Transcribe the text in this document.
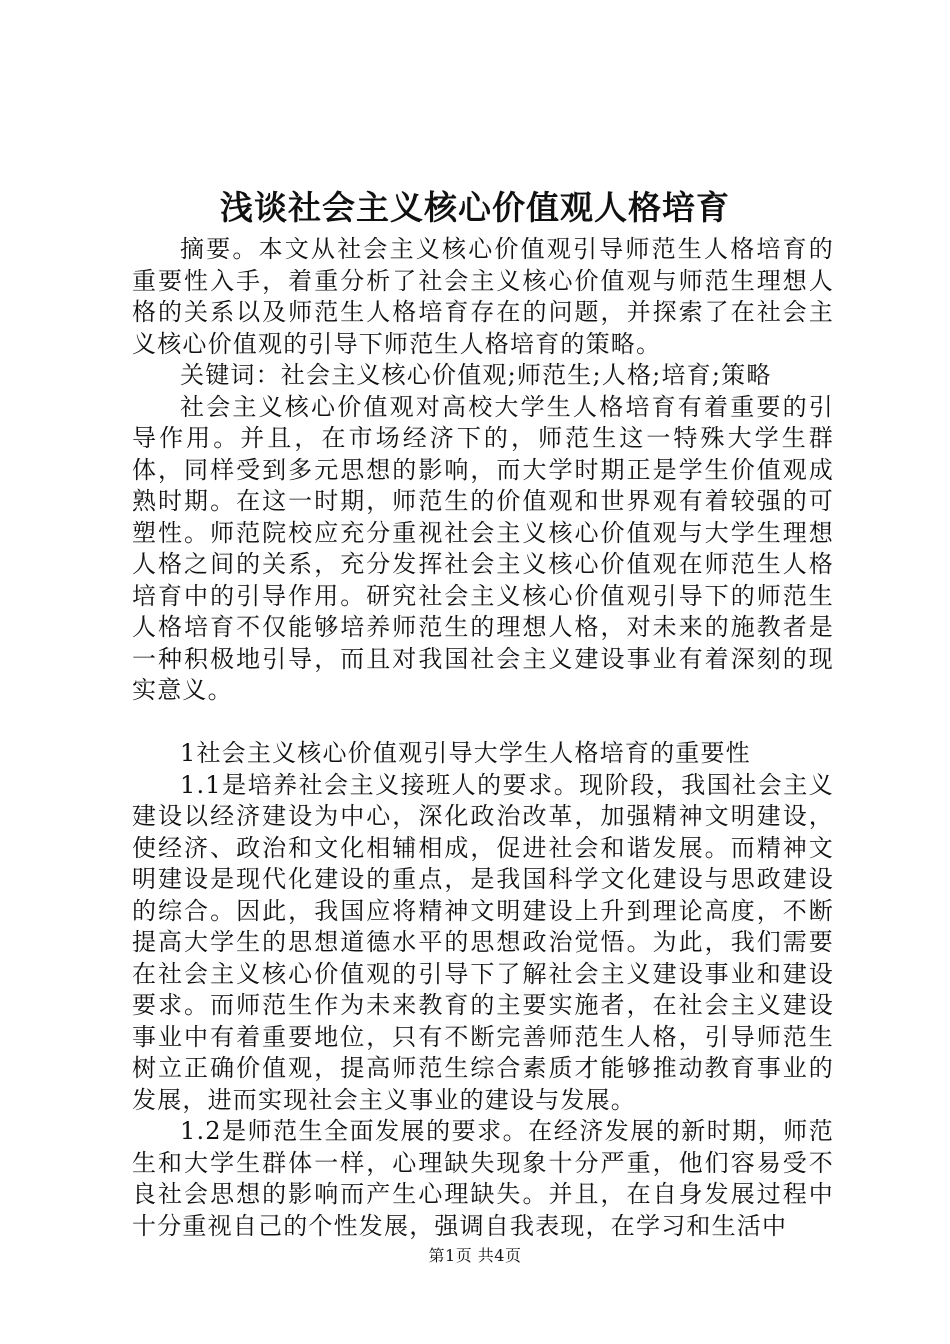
浅谈社会主义核心价值观人格培育

摘要。本文从社会主义核心价值观引导师范生人格培育的重要性入手，着重分析了社会主义核心价值观与师范生理想人格的关系以及师范生人格培育存在的问题，并探索了在社会主义核心价值观的引导下师范生人格培育的策略。

关键词：社会主义核心价值观;师范生;人格;培育;策略

社会主义核心价值观对高校大学生人格培育有着重要的引导作用。并且，在市场经济下的，师范生这一特殊大学生群体，同样受到多元思想的影响，而大学时期正是学生价值观成熟时期。在这一时期，师范生的价值观和世界观有着较强的可塑性。师范院校应充分重视社会主义核心价值观与大学生理想人格之间的关系，充分发挥社会主义核心价值观在师范生人格培育中的引导作用。研究社会主义核心价值观引导下的师范生人格培育不仅能够培养师范生的理想人格，对未来的施教者是一种积极地引导，而且对我国社会主义建设事业有着深刻的现实意义。

1社会主义核心价值观引导大学生人格培育的重要性

1.1是培养社会主义接班人的要求。现阶段，我国社会主义建设以经济建设为中心，深化政治改革，加强精神文明建设，使经济、政治和文化相辅相成，促进社会和谐发展。而精神文明建设是现代化建设的重点，是我国科学文化建设与思政建设的综合。因此，我国应将精神文明建设上升到理论高度，不断提高大学生的思想道德水平的思想政治觉悟。为此，我们需要在社会主义核心价值观的引导下了解社会主义建设事业和建设要求。而师范生作为未来教育的主要实施者，在社会主义建设事业中有着重要地位，只有不断完善师范生人格，引导师范生树立正确价值观，提高师范生综合素质才能够推动教育事业的发展，进而实现社会主义事业的建设与发展。

1.2是师范生全面发展的要求。在经济发展的新时期，师范生和大学生群体一样，心理缺失现象十分严重，他们容易受不良社会思想的影响而产生心理缺失。并且，在自身发展过程中十分重视自己的个性发展，强调自我表现，在学习和生活中

第1页 共4页
